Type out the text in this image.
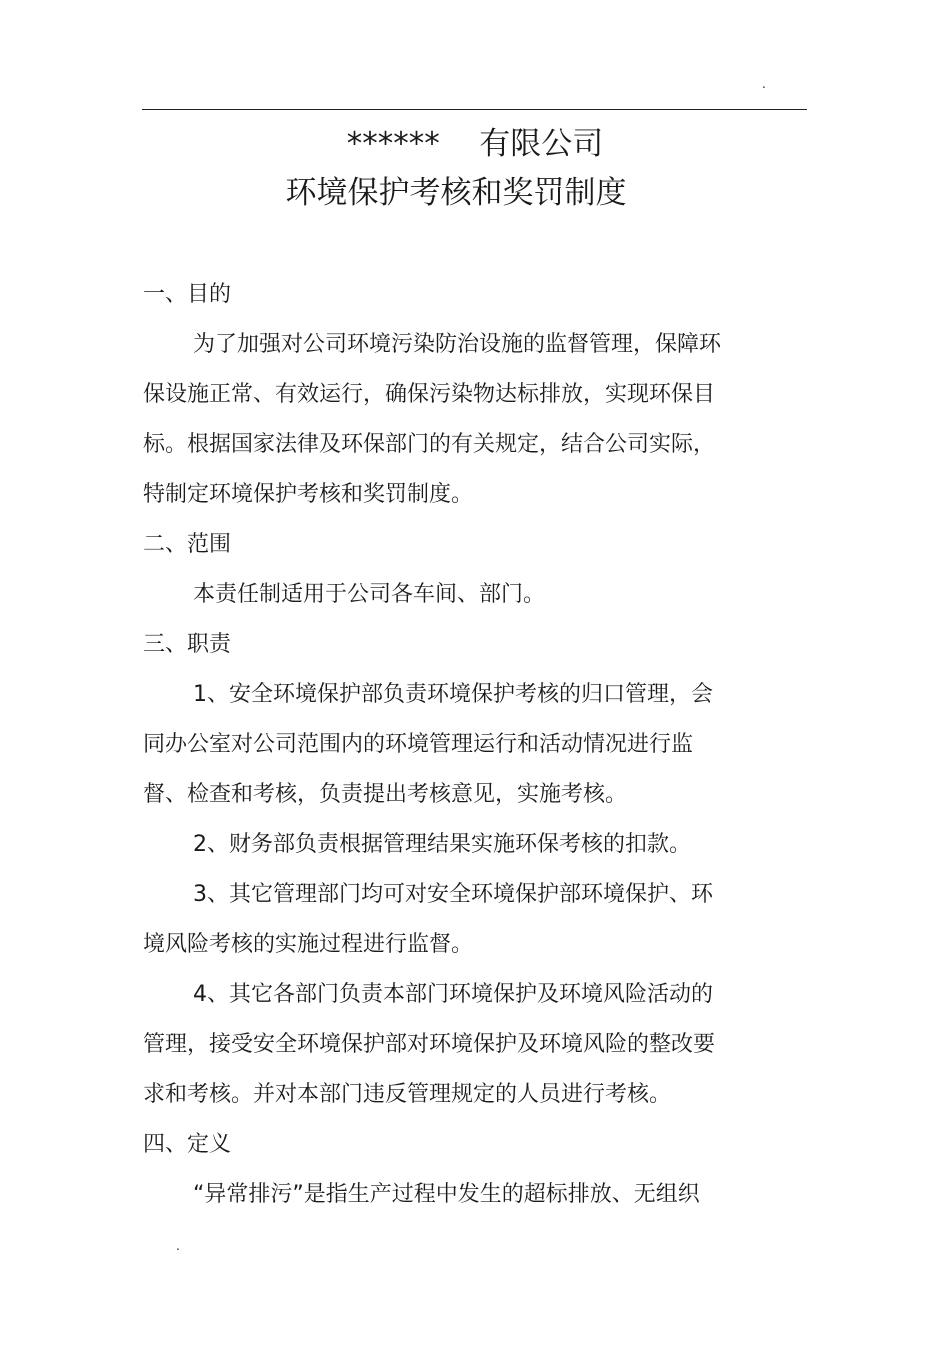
.
******    有限公司
环境保护考核和奖罚制度

一、目的

为了加强对公司环境污染防治设施的监督管理，保障环

保设施正常、有效运行，确保污染物达标排放，实现环保目

标。根据国家法律及环保部门的有关规定，结合公司实际，

特制定环境保护考核和奖罚制度。

二、范围

本责任制适用于公司各车间、部门。

三、职责

1、安全环境保护部负责环境保护考核的归口管理，会

同办公室对公司范围内的环境管理运行和活动情况进行监

督、检查和考核，负责提出考核意见，实施考核。

2、财务部负责根据管理结果实施环保考核的扣款。

3、其它管理部门均可对安全环境保护部环境保护、环

境风险考核的实施过程进行监督。

4、其它各部门负责本部门环境保护及环境风险活动的

管理，接受安全环境保护部对环境保护及环境风险的整改要

求和考核。并对本部门违反管理规定的人员进行考核。

四、定义

“异常排污”是指生产过程中发生的超标排放、无组织

.
